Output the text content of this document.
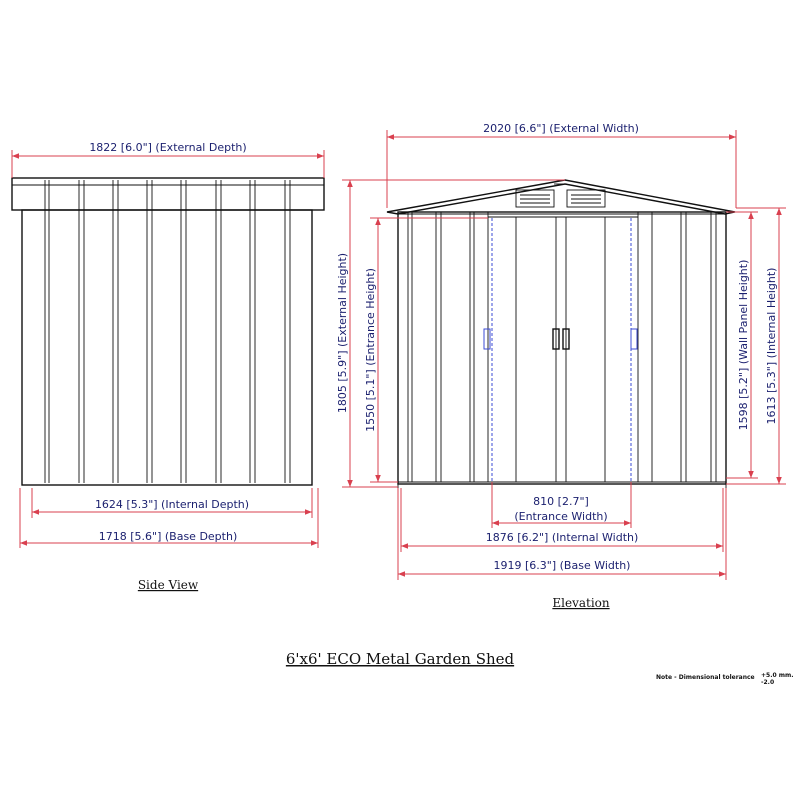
1822 [6.0"] (External Depth)
1624 [5.3"] (Internal Depth)
1718 [5.6"] (Base Depth)
Side View
2020 [6.6"] (External Width)
1805 [5.9"] (External Height) 1550 [5.1"] (Entrance Height)	1598 [5.2"] (Wall Panel Height) 1613 [5.3"] (Internal Height)
810 [2.7"]
(Entrance Width)
1876 [6.2"] (Internal Width)
1919 [6.3"] (Base Width)
Elevation
6'x6' ECO Metal Garden Shed
Note - Dimensional tolerance +5.0 mm.
-2.0
